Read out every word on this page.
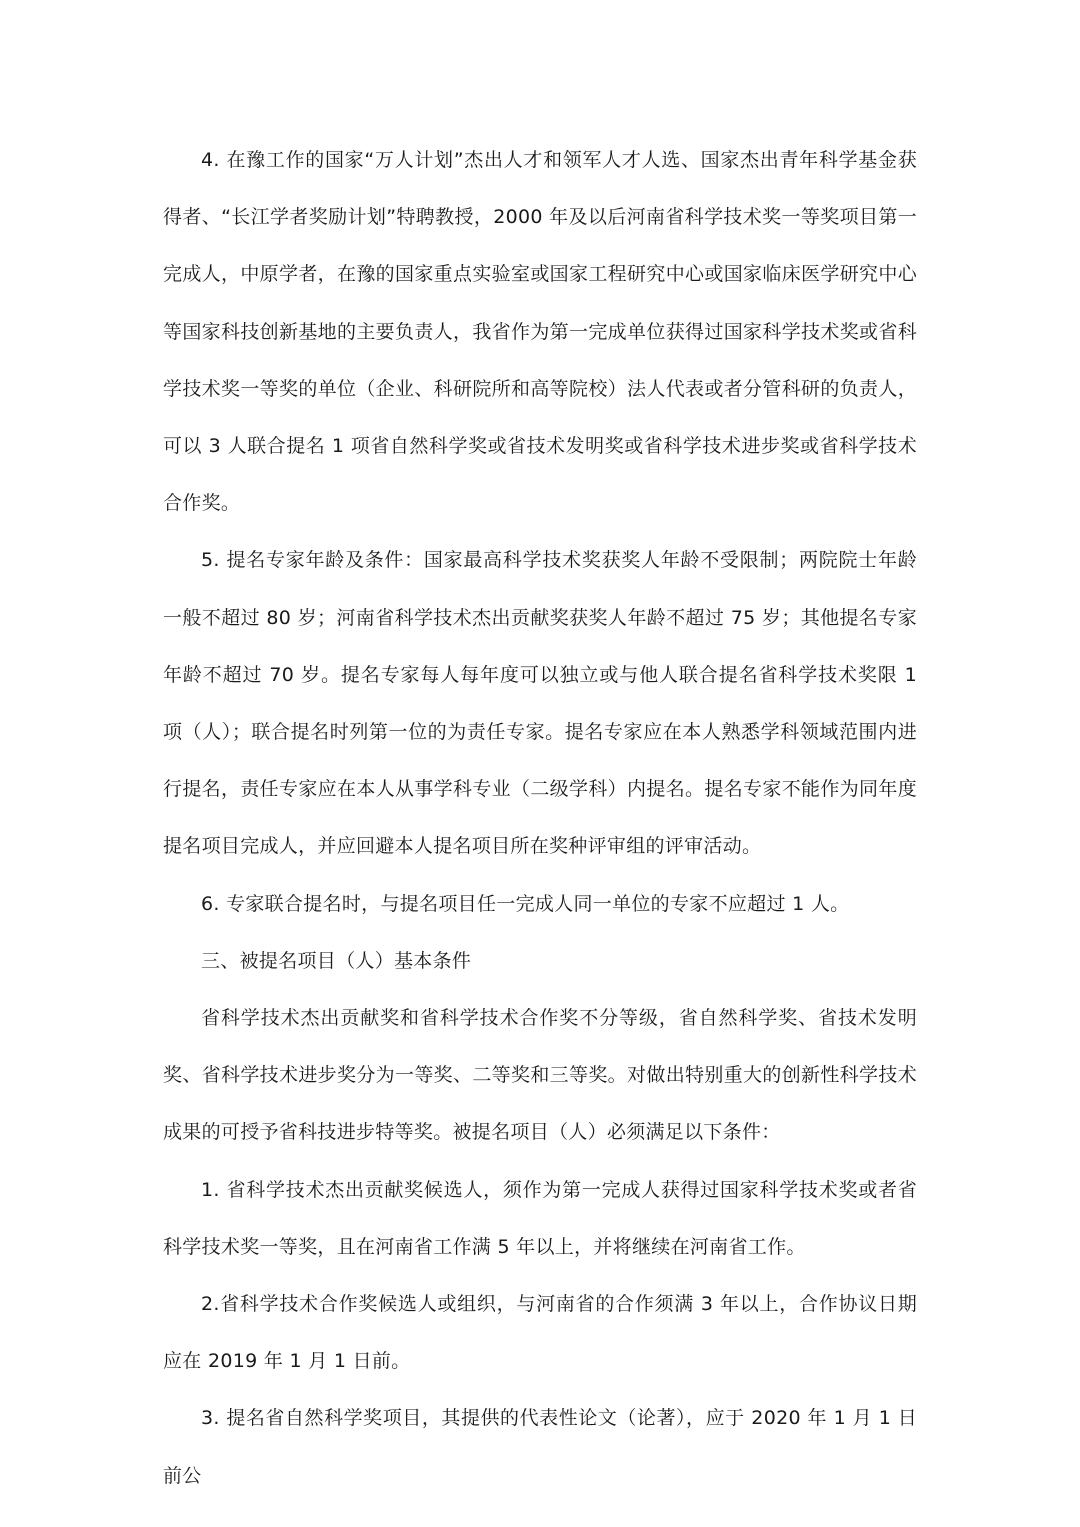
4. 在豫工作的国家“万人计划”杰出人才和领军人才人选、国家杰出青年科学基金获得者、“长江学者奖励计划”特聘教授，2000 年及以后河南省科学技术奖一等奖项目第一完成人，中原学者，在豫的国家重点实验室或国家工程研究中心或国家临床医学研究中心等国家科技创新基地的主要负责人，我省作为第一完成单位获得过国家科学技术奖或省科学技术奖一等奖的单位（企业、科研院所和高等院校）法人代表或者分管科研的负责人，可以 3 人联合提名 1 项省自然科学奖或省技术发明奖或省科学技术进步奖或省科学技术合作奖。

5. 提名专家年龄及条件：国家最高科学技术奖获奖人年龄不受限制；两院院士年龄一般不超过 80 岁；河南省科学技术杰出贡献奖获奖人年龄不超过 75 岁；其他提名专家年龄不超过 70 岁。提名专家每人每年度可以独立或与他人联合提名省科学技术奖限 1 项（人）；联合提名时列第一位的为责任专家。提名专家应在本人熟悉学科领域范围内进行提名，责任专家应在本人从事学科专业（二级学科）内提名。提名专家不能作为同年度提名项目完成人，并应回避本人提名项目所在奖种评审组的评审活动。

6. 专家联合提名时，与提名项目任一完成人同一单位的专家不应超过 1 人。

三、被提名项目（人）基本条件

省科学技术杰出贡献奖和省科学技术合作奖不分等级，省自然科学奖、省技术发明奖、省科学技术进步奖分为一等奖、二等奖和三等奖。对做出特别重大的创新性科学技术成果的可授予省科技进步特等奖。被提名项目（人）必须满足以下条件：

1. 省科学技术杰出贡献奖候选人，须作为第一完成人获得过国家科学技术奖或者省科学技术奖一等奖，且在河南省工作满 5 年以上，并将继续在河南省工作。

2.省科学技术合作奖候选人或组织，与河南省的合作须满 3 年以上，合作协议日期应在 2019 年 1 月 1 日前。

3. 提名省自然科学奖项目，其提供的代表性论文（论著），应于 2020 年 1 月 1 日前公
